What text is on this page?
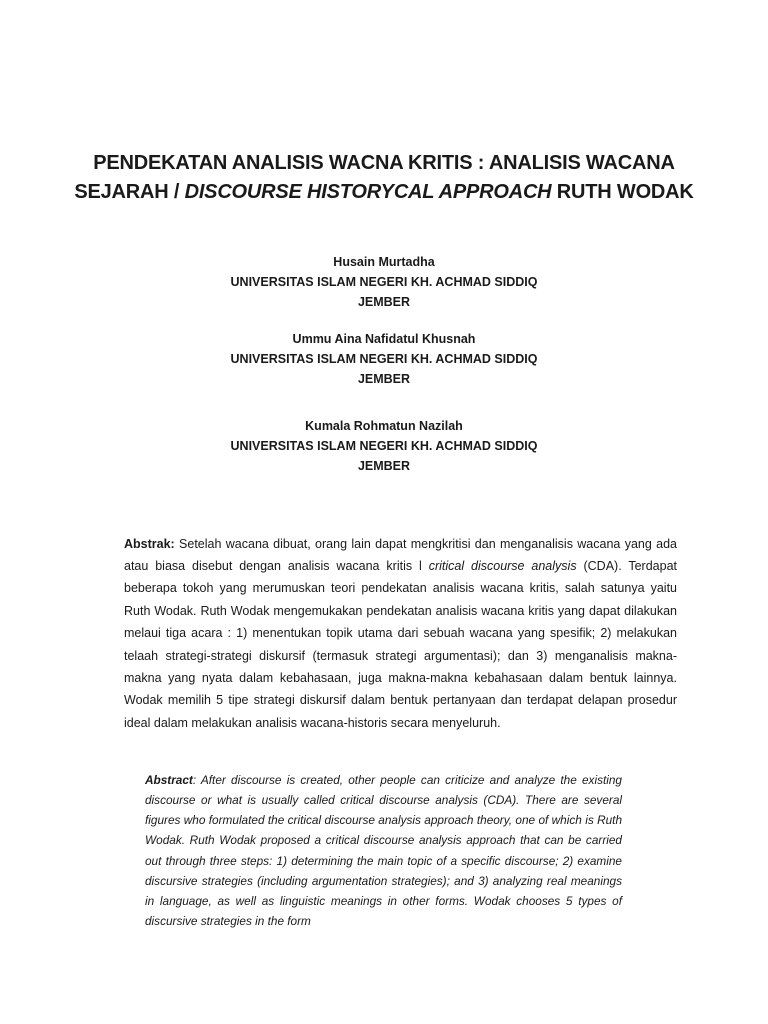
PENDEKATAN ANALISIS WACNA KRITIS : ANALISIS WACANA
SEJARAH / DISCOURSE HISTORYCAL APPROACH RUTH WODAK
Husain Murtadha
UNIVERSITAS ISLAM NEGERI KH. ACHMAD SIDDIQ
JEMBER
Ummu Aina Nafidatul Khusnah
UNIVERSITAS ISLAM NEGERI KH. ACHMAD SIDDIQ
JEMBER
Kumala Rohmatun Nazilah
UNIVERSITAS ISLAM NEGERI KH. ACHMAD SIDDIQ
JEMBER

Abstrak: Setelah wacana dibuat, orang lain dapat mengkritisi dan menganalisis wacana yang ada atau biasa disebut dengan analisis wacana kritis l critical discourse analysis (CDA). Terdapat beberapa tokoh yang merumuskan teori pendekatan analisis wacana kritis, salah satunya yaitu Ruth Wodak. Ruth Wodak mengemukakan pendekatan analisis wacana kritis yang dapat dilakukan melaui tiga acara : 1) menentukan topik utama dari sebuah wacana yang spesifik; 2) melakukan telaah strategi-strategi diskursif (termasuk strategi argumentasi); dan 3) menganalisis makna-makna yang nyata dalam kebahasaan, juga makna-makna kebahasaan dalam bentuk lainnya. Wodak memilih 5 tipe strategi diskursif dalam bentuk pertanyaan dan terdapat delapan prosedur ideal dalam melakukan analisis wacana-historis secara menyeluruh.

Abstract: After discourse is created, other people can criticize and analyze the existing discourse or what is usually called critical discourse analysis (CDA). There are several figures who formulated the critical discourse analysis approach theory, one of which is Ruth Wodak. Ruth Wodak proposed a critical discourse analysis approach that can be carried out through three steps: 1) determining the main topic of a specific discourse; 2) examine discursive strategies (including argumentation strategies); and 3) analyzing real meanings in language, as well as linguistic meanings in other forms. Wodak chooses 5 types of discursive strategies in the form
